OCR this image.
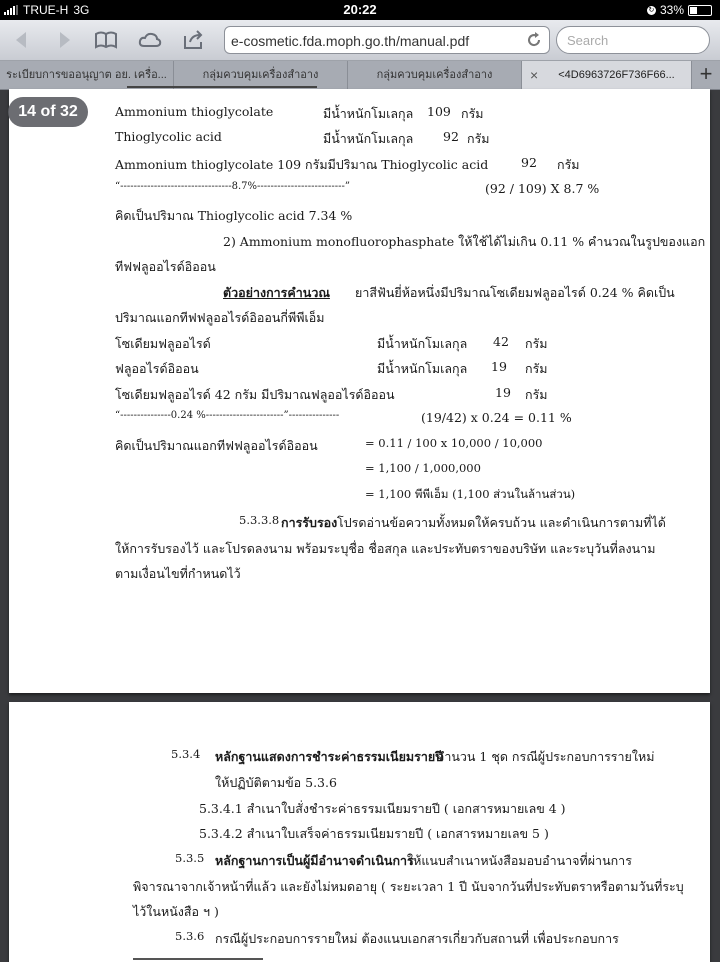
TRUE-H 3G	20:22	↻ 33%
e-cosmetic.fda.moph.go.th/manual.pdf	Search
ระเบียบการขออนุญาต อย. เครื่อ...	กลุ่มควบคุมเครื่องสำอาง	กลุ่มควบคุมเครื่องสำอาง	× <4D6963726F736F66...	+
14 of 32	Ammonium thioglycolate	มีน้ำหนักโมเลกุล 109 กรัม
Thioglycolic acid	มีน้ำหนักโมเลกุล 92 กรัม
Ammonium thioglycolate 109 กรัมมีปริมาณ Thioglycolic acid	92 กรัม
“---------------------------------8.7%--------------------------”	(92 / 109) X 8.7 %
คิดเป็นปริมาณ Thioglycolic acid 7.34 %
2) Ammonium monofluorophasphate ให้ใช้ได้ไม่เกิน 0.11 % คำนวณในรูปของแอก
ทีฟฟลูออไรด์อิออน
ตัวอย่างการคำนวณ ยาสีฟันยี่ห้อหนึ่งมีปริมาณโซเดียมฟลูออไรด์ 0.24 % คิดเป็น
ปริมาณแอกทีฟฟลูออไรด์อิออนกี่พีพีเอ็ม
โซเดียมฟลูออไรด์	มีน้ำหนักโมเลกุล 42 กรัม
ฟลูออไรด์อิออน	มีน้ำหนักโมเลกุล 19 กรัม
โซเดียมฟลูออไรด์ 42 กรัม มีปริมาณฟลูออไรด์อิออน	19 กรัม
“---------------0.24 %-----------------------”---------------	(19/42) x 0.24 = 0.11 %
คิดเป็นปริมาณแอกทีฟฟลูออไรด์อิออน	= 0.11 / 100 x 10,000 / 10,000
= 1,100 / 1,000,000
= 1,100 พีพีเอ็ม (1,100 ส่วนในล้านส่วน)
5.3.3.8 การรับรอง โปรดอ่านข้อความทั้งหมดให้ครบถ้วน และดำเนินการตามที่ได้
ให้การรับรองไว้ และโปรดลงนาม พร้อมระบุชื่อ ชื่อสกุล และประทับตราของบริษัท และระบุวันที่ลงนาม
ตามเงื่อนไขที่กำหนดไว้
5.3.4 หลักฐานแสดงการชำระค่าธรรมเนียมรายปี
จำนวน 1 ชุด กรณีผู้ประกอบการรายใหม่
ให้ปฏิบัติตามข้อ 5.3.6
5.3.4.1 สำเนาใบสั่งชำระค่าธรรมเนียมรายปี ( เอกสารหมายเลข 4 )
5.3.4.2 สำเนาใบเสร็จค่าธรรมเนียมรายปี ( เอกสารหมายเลข 5 )
5.3.5 หลักฐานการเป็นผู้มีอำนาจดำเนินการ
ให้แนบสำเนาหนังสือมอบอำนาจที่ผ่านการ
พิจารณาจากเจ้าหน้าที่แล้ว และยังไม่หมดอายุ ( ระยะเวลา 1 ปี นับจากวันที่ประทับตราหรือตามวันที่ระบุ
ไว้ในหนังสือ ฯ )
5.3.6 กรณีผู้ประกอบการรายใหม่ ต้องแนบเอกสารเกี่ยวกับสถานที่ เพื่อประกอบการ
